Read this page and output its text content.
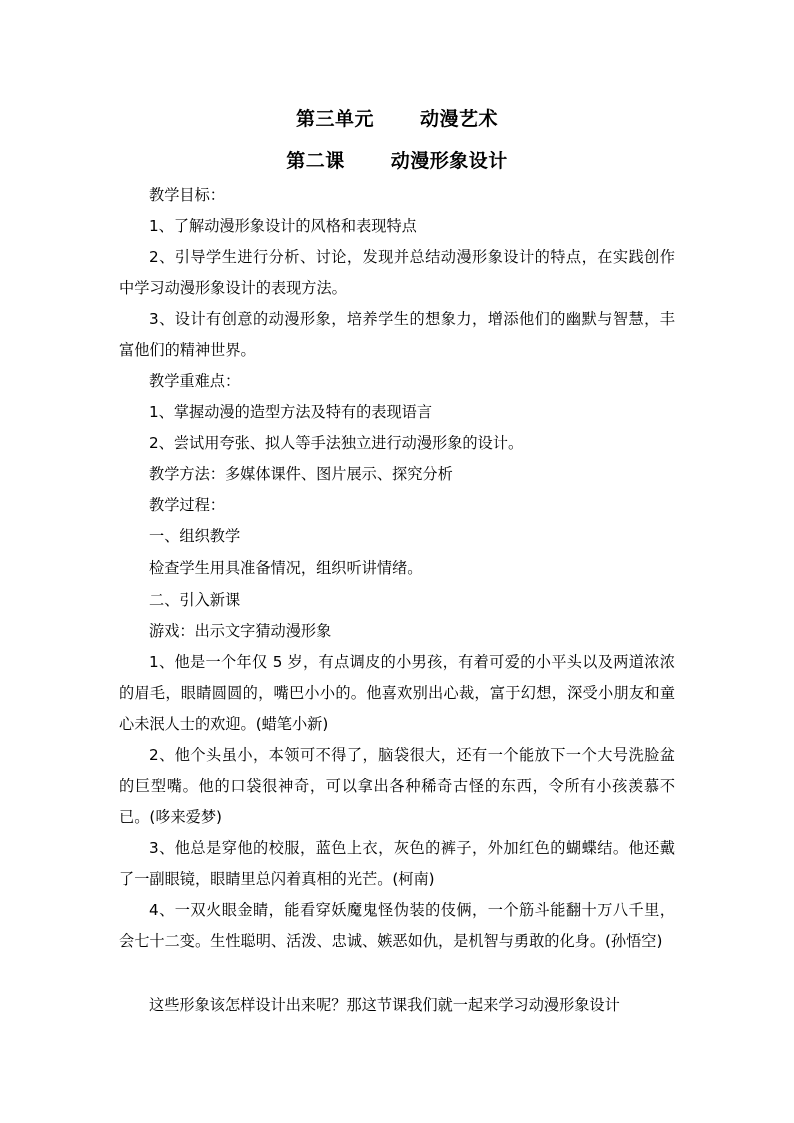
第三单元 动漫艺术
第二课 动漫形象设计
教学目标：
1、了解动漫形象设计的风格和表现特点
2、引导学生进行分析、讨论，发现并总结动漫形象设计的特点，在实践创作中学习动漫形象设计的表现方法。
3、设计有创意的动漫形象，培养学生的想象力，增添他们的幽默与智慧，丰富他们的精神世界。
教学重难点：
1、掌握动漫的造型方法及特有的表现语言
2、尝试用夸张、拟人等手法独立进行动漫形象的设计。
教学方法：多媒体课件、图片展示、探究分析
教学过程：
一、组织教学
检查学生用具准备情况，组织听讲情绪。
二、引入新课
游戏：出示文字猜动漫形象
1、他是一个年仅 5 岁，有点调皮的小男孩，有着可爱的小平头以及两道浓浓的眉毛，眼睛圆圆的，嘴巴小小的。他喜欢别出心裁，富于幻想，深受小朋友和童心未泯人士的欢迎。(蜡笔小新)
2、他个头虽小，本领可不得了，脑袋很大，还有一个能放下一个大号洗脸盆的巨型嘴。他的口袋很神奇，可以拿出各种稀奇古怪的东西，令所有小孩羡慕不已。(哆来爱梦)
3、他总是穿他的校服，蓝色上衣，灰色的裤子，外加红色的蝴蝶结。他还戴了一副眼镜，眼睛里总闪着真相的光芒。(柯南)
4、一双火眼金睛，能看穿妖魔鬼怪伪装的伎俩，一个筋斗能翻十万八千里，会七十二变。生性聪明、活泼、忠诚、嫉恶如仇，是机智与勇敢的化身。(孙悟空)
这些形象该怎样设计出来呢？那这节课我们就一起来学习动漫形象设计
